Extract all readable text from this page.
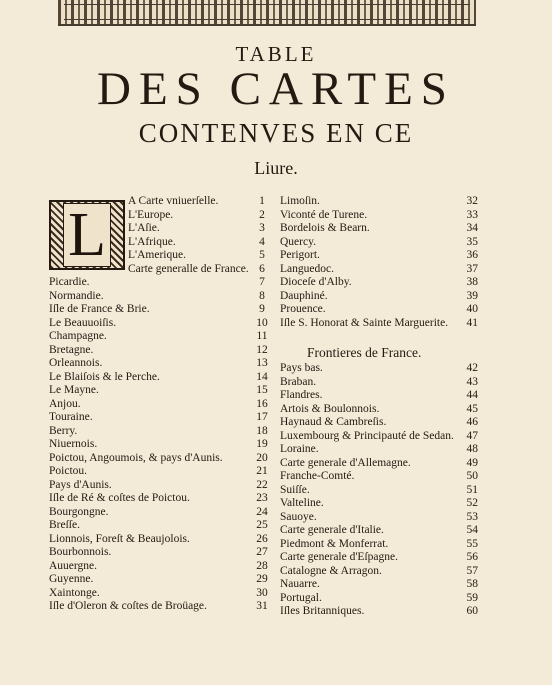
TABLE
DES CARTES
CONTENVES EN CE
Liure.
L	A Carte vniuerſelle.	1
L'Europe.	2
L'Aſie.	3
L'Afrique.	4
L'Amerique.	5
Carte generalle de France. 6
Picardie.	7
Normandie.	8
Iſle de France & Brie.	9
Le Beauuoiſis.	10
Champagne.	11
Bretagne.	12
Orleannois.	13
Le Blaiſois & le Perche.	14
Le Mayne.	15
Anjou.	16
Touraine.	17
Berry.	18
Niuernois.	19
Poictou, Angoumois, & pays d'Aunis.	20
Poictou.	21
Pays d'Aunis.	22
Iſle de Ré & coſtes de Poictou.	23
Bourgongne.	24
Breſſe.	25
Lionnois, Foreſt & Beaujolois.	26
Bourbonnois.	27
Auuergne.	28
Guyenne.	29
Xaintonge.	30
Iſle d'Oleron & coſtes de Broüage.	31
Limoſin.	32
Viconté de Turene.	33
Bordelois & Bearn.	34
Quercy.	35
Perigort.	36
Languedoc.	37
Dioceſe d'Alby.	38
Dauphiné.	39
Prouence.	40
Iſle S. Honorat & Sainte Marguerite.	41
Frontieres de France.
Pays bas.	42
Braban.	43
Flandres.	44
Artois & Boulonnois.	45
Haynaud & Cambreſis.	46
Luxembourg & Principauté de Sedan.	47
Loraine.	48
Carte generale d'Allemagne.	49
Franche-Comté.	50
Suiſſe.	51
Valteline.	52
Sauoye.	53
Carte generale d'Italie.	54
Piedmont & Monferrat.	55
Carte generale d'Eſpagne.	56
Catalogne & Arragon.	57
Nauarre.	58
Portugal.	59
Iſles Britanniques.	60
